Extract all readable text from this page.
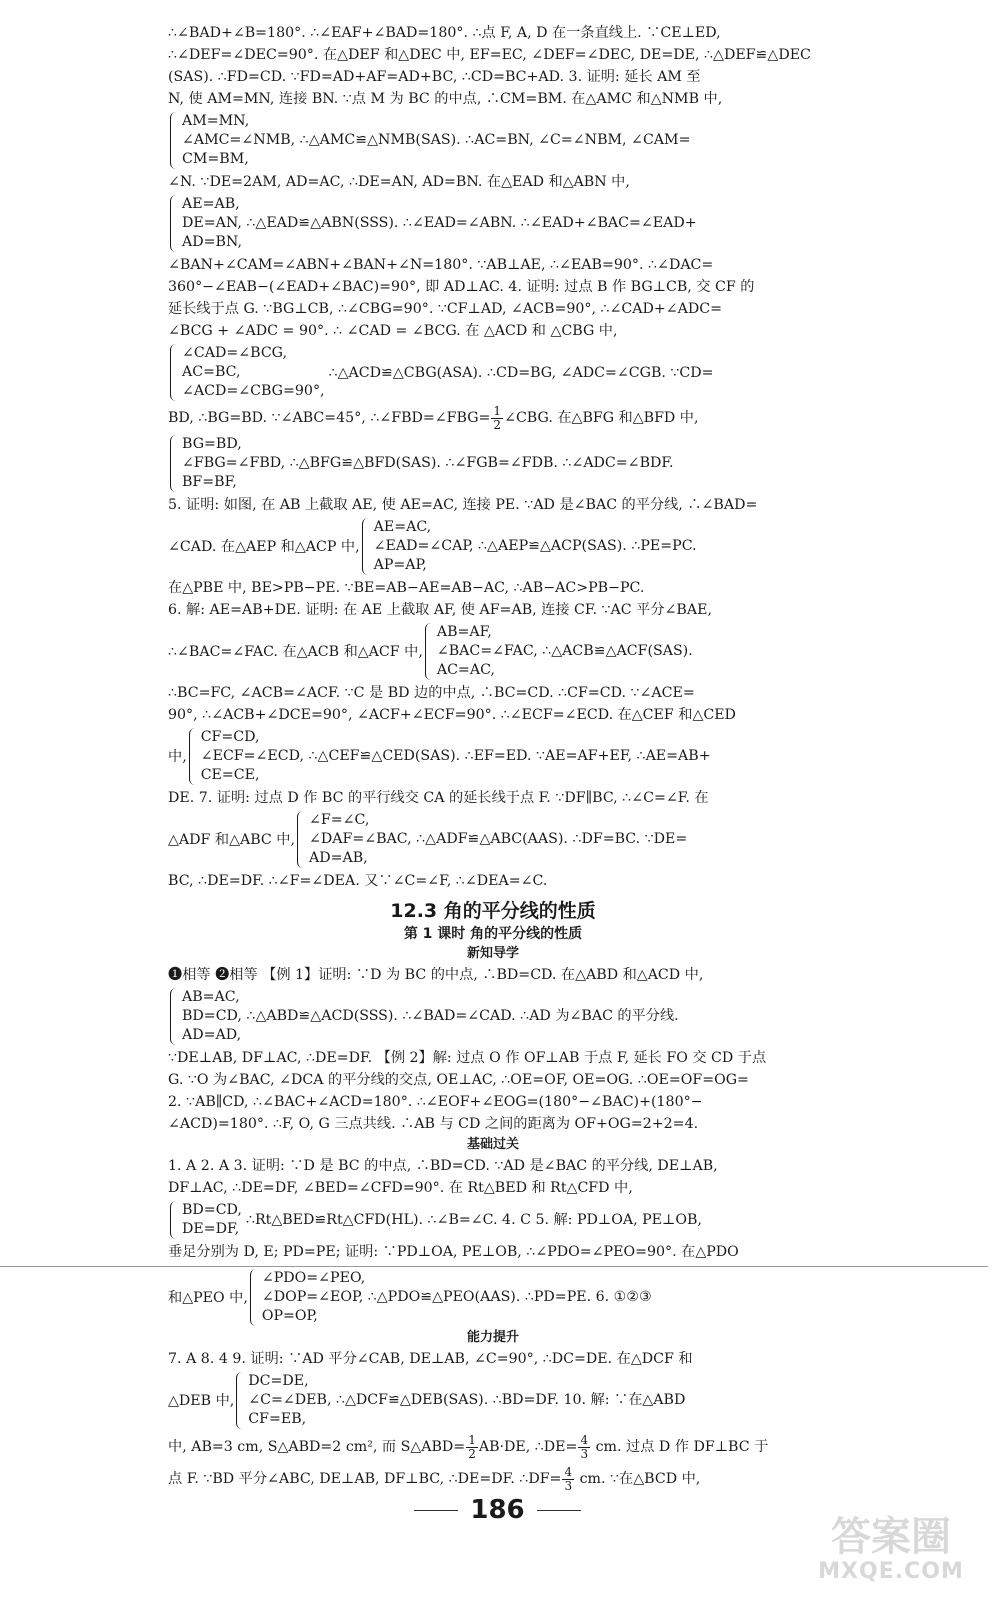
∴∠BAD+∠B=180°. ∴∠EAF+∠BAD=180°. ∴点 F, A, D 在一条直线上. ∵CE⊥ED,
∴∠DEF=∠DEC=90°. 在△DEF 和△DEC 中, EF=EC, ∠DEF=∠DEC, DE=DE, ∴△DEF≌△DEC
(SAS). ∴FD=CD. ∵FD=AD+AF=AD+BC, ∴CD=BC+AD. 3. 证明: 延长 AM 至
N, 使 AM=MN, 连接 BN. ∵点 M 为 BC 的中点, ∴CM=BM. 在△AMC 和△NMB 中,
AM=MN,
∠AMC=∠NMB, ∴△AMC≌△NMB(SAS). ∴AC=BN, ∠C=∠NBM, ∠CAM=
CM=BM,
∠N. ∵DE=2AM, AD=AC, ∴DE=AN, AD=BN. 在△EAD 和△ABN 中,
AE=AB,
DE=AN, ∴△EAD≌△ABN(SSS). ∴∠EAD=∠ABN. ∴∠EAD+∠BAC=∠EAD+
AD=BN,
∠BAN+∠CAM=∠ABN+∠BAN+∠N=180°. ∵AB⊥AE, ∴∠EAB=90°. ∴∠DAC=
360°−∠EAB−(∠EAD+∠BAC)=90°, 即 AD⊥AC. 4. 证明: 过点 B 作 BG⊥CB, 交 CF 的
延长线于点 G. ∵BG⊥CB, ∴∠CBG=90°. ∵CF⊥AD, ∠ACB=90°, ∴∠CAD+∠ADC=
∠BCG + ∠ADC = 90°. ∴ ∠CAD = ∠BCG. 在 △ACD 和 △CBG 中,
∠CAD=∠BCG,
AC=BC,
∠ACD=∠CBG=90°,
∴△ACD≌△CBG(ASA). ∴CD=BG, ∠ADC=∠CGB. ∵CD=
BD, ∴BG=BD. ∵∠ABC=45°, ∴∠FBD=∠FBG= $\frac{1}{2}$ ∠CBG. 在△BFG 和△BFD 中,
BG=BD,
∠FBG=∠FBD, ∴△BFG≌△BFD(SAS). ∴∠FGB=∠FDB. ∴∠ADC=∠BDF.
BF=BF,
5. 证明: 如图, 在 AB 上截取 AE, 使 AE=AC, 连接 PE. ∵AD 是∠BAC 的平分线, ∴∠BAD=
∠CAD. 在△AEP 和△ACP 中,
AE=AC,
∠EAD=∠CAP, ∴△AEP≌△ACP(SAS). ∴PE=PC.
AP=AP,
在△PBE 中, BE>PB−PE. ∵BE=AB−AE=AB−AC, ∴AB−AC>PB−PC.
6. 解: AE=AB+DE. 证明: 在 AE 上截取 AF, 使 AF=AB, 连接 CF. ∵AC 平分∠BAE,
∴∠BAC=∠FAC. 在△ACB 和△ACF 中,
AB=AF,
∠BAC=∠FAC, ∴△ACB≌△ACF(SAS).
AC=AC,
∴BC=FC, ∠ACB=∠ACF. ∵C 是 BD 边的中点, ∴BC=CD. ∴CF=CD. ∵∠ACE=
90°, ∴∠ACB+∠DCE=90°, ∠ACF+∠ECF=90°. ∴∠ECF=∠ECD. 在△CEF 和△CED
中,
CF=CD,
∠ECF=∠ECD, ∴△CEF≌△CED(SAS). ∴EF=ED. ∵AE=AF+EF, ∴AE=AB+
CE=CE,
DE. 7. 证明: 过点 D 作 BC 的平行线交 CA 的延长线于点 F. ∵DF∥BC, ∴∠C=∠F. 在
△ADF 和△ABC 中,
∠F=∠C,
∠DAF=∠BAC, ∴△ADF≌△ABC(AAS). ∴DF=BC. ∵DE=
AD=AB,
BC, ∴DE=DF. ∴∠F=∠DEA. 又∵∠C=∠F, ∴∠DEA=∠C.
12.3 角的平分线的性质
第 1 课时 角的平分线的性质
新知导学
❶相等 ❷相等 【例 1】证明: ∵D 为 BC 的中点, ∴BD=CD. 在△ABD 和△ACD 中,
AB=AC,
BD=CD, ∴△ABD≌△ACD(SSS). ∴∠BAD=∠CAD. ∴AD 为∠BAC 的平分线.
AD=AD,
∵DE⊥AB, DF⊥AC, ∴DE=DF. 【例 2】解: 过点 O 作 OF⊥AB 于点 F, 延长 FO 交 CD 于点
G. ∵O 为∠BAC, ∠DCA 的平分线的交点, OE⊥AC, ∴OE=OF, OE=OG. ∴OE=OF=OG=
2. ∵AB∥CD, ∴∠BAC+∠ACD=180°. ∴∠EOF+∠EOG=(180°−∠BAC)+(180°−
∠ACD)=180°. ∴F, O, G 三点共线. ∴AB 与 CD 之间的距离为 OF+OG=2+2=4.
基础过关
1. A 2. A 3. 证明: ∵D 是 BC 的中点, ∴BD=CD. ∵AD 是∠BAC 的平分线, DE⊥AB,
DF⊥AC, ∴DE=DF, ∠BED=∠CFD=90°. 在 Rt△BED 和 Rt△CFD 中,
BD=CD,
DE=DF,
∴Rt△BED≌Rt△CFD(HL). ∴∠B=∠C. 4. C 5. 解: PD⊥OA, PE⊥OB,
垂足分别为 D, E; PD=PE; 证明: ∵PD⊥OA, PE⊥OB, ∴∠PDO=∠PEO=90°. 在△PDO
和△PEO 中,
∠PDO=∠PEO,
∠DOP=∠EOP, ∴△PDO≌△PEO(AAS). ∴PD=PE. 6. ①②③
OP=OP,
能力提升
7. A 8. 4 9. 证明: ∵AD 平分∠CAB, DE⊥AB, ∠C=90°, ∴DC=DE. 在△DCF 和
△DEB 中,
DC=DE,
∠C=∠DEB, ∴△DCF≌△DEB(SAS). ∴BD=DF. 10. 解: ∵在△ABD
CF=EB,
中, AB=3 cm, S△ABD=2 cm², 而 S△ABD= $\frac{1}{2} AB\cdot DE$, ∴DE= $\frac{4}{3}$ cm. 过点 D 作 DF⊥BC 于
点 F. ∵BD 平分∠ABC, DE⊥AB, DF⊥BC, ∴DE=DF. ∴DF= $\frac{4}{3}$ cm. ∵在△BCD 中,
186
答案圈
MXQE.COM
